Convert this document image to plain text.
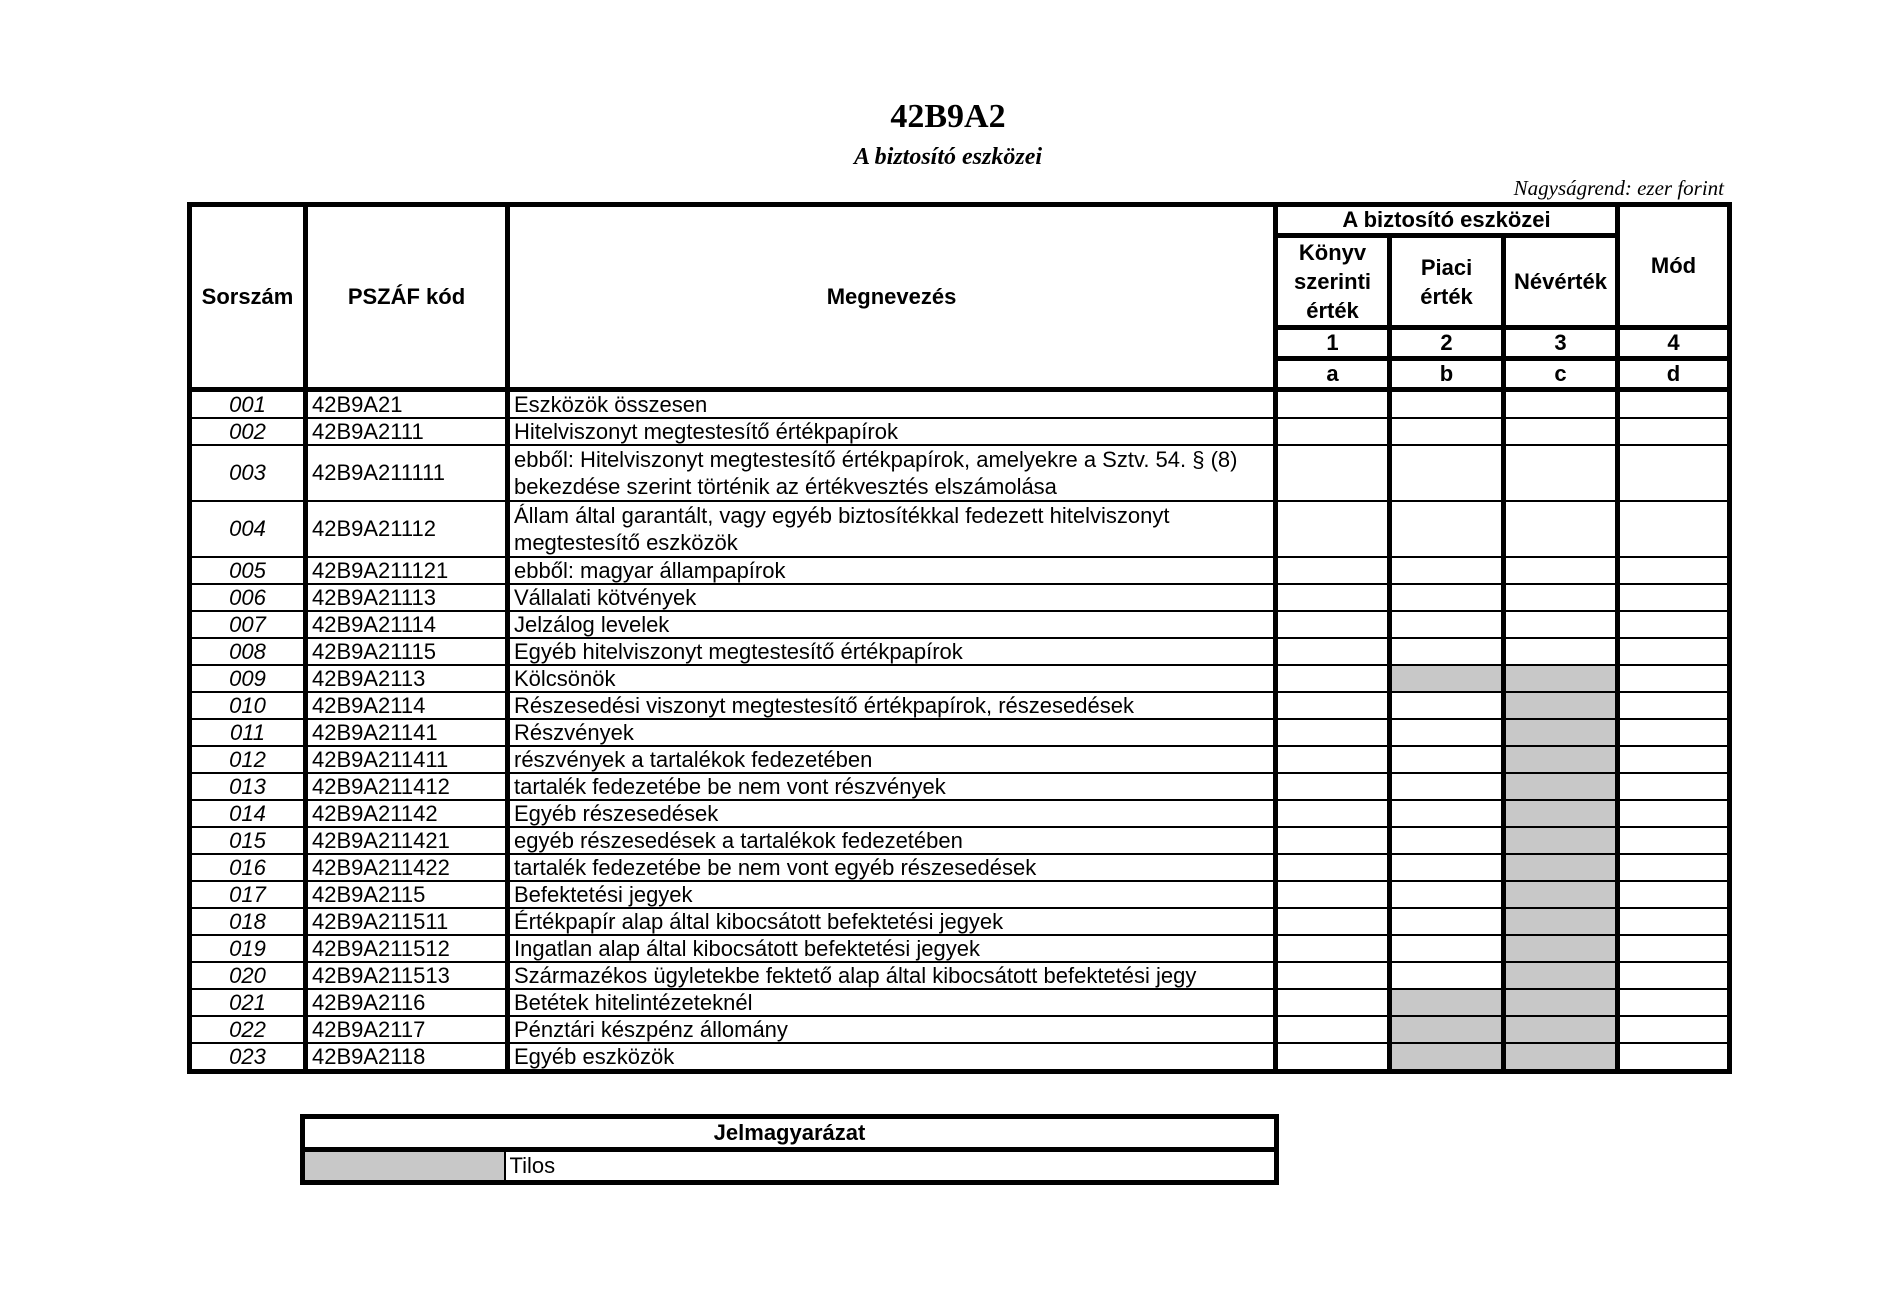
42B9A2
A biztosító eszközei
Nagyságrend: ezer forint
Sorszám	PSZÁF kód	Megnevezés	A biztosító eszközei			Mód
			Könyv szerinti érték	Piaci érték	Névérték	
			1	2	3	4
			a	b	c	d
001	42B9A21	Eszközök összesen				
002	42B9A2111	Hitelviszonyt megtestesítő értékpapírok				
003	42B9A211111	ebből: Hitelviszonyt megtestesítő értékpapírok, amelyekre a Sztv. 54. § (8) bekezdése szerint történik az értékvesztés elszámolása				
004	42B9A21112	Állam által garantált, vagy egyéb biztosítékkal fedezett hitelviszonyt megtestesítő eszközök				
005	42B9A211121	ebből: magyar állampapírok				
006	42B9A21113	Vállalati kötvények				
007	42B9A21114	Jelzálog levelek				
008	42B9A21115	Egyéb hitelviszonyt megtestesítő értékpapírok				
009	42B9A2113	Kölcsönök				
010	42B9A2114	Részesedési viszonyt megtestesítő értékpapírok, részesedések				
011	42B9A21141	Részvények				
012	42B9A211411	részvények a tartalékok fedezetében				
013	42B9A211412	tartalék fedezetébe be nem vont részvények				
014	42B9A21142	Egyéb részesedések				
015	42B9A211421	egyéb részesedések a tartalékok fedezetében				
016	42B9A211422	tartalék fedezetébe be nem vont egyéb részesedések				
017	42B9A2115	Befektetési jegyek				
018	42B9A211511	Értékpapír alap által kibocsátott befektetési jegyek				
019	42B9A211512	Ingatlan alap által kibocsátott befektetési jegyek				
020	42B9A211513	Származékos ügyletekbe fektető alap által kibocsátott befektetési jegy				
021	42B9A2116	Betétek hitelintézeteknél				
022	42B9A2117	Pénztári készpénz állomány				
023	42B9A2118	Egyéb eszközök				
Jelmagyarázat
	Tilos
